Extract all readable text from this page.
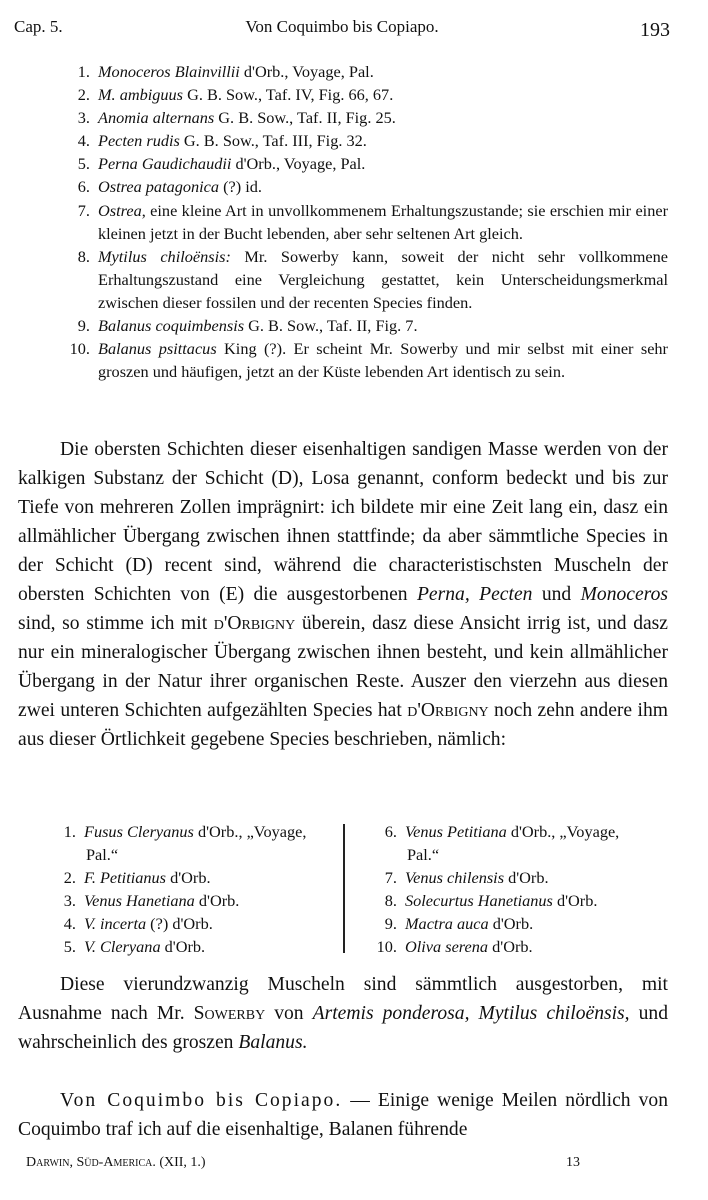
Cap. 5.	Von Coquimbo bis Copiapo.	193
1. Monoceros Blainvillii d'Orb., Voyage, Pal.
2. M. ambiguus G. B. Sow., Taf. IV, Fig. 66, 67.
3. Anomia alternans G. B. Sow., Taf. II, Fig. 25.
4. Pecten rudis G. B. Sow., Taf. III, Fig. 32.
5. Perna Gaudichaudii d'Orb., Voyage, Pal.
6. Ostrea patagonica (?) id.
7. Ostrea, eine kleine Art in unvollkommenem Erhaltungszustande; sie erschien mir einer kleinen jetzt in der Bucht lebenden, aber sehr seltenen Art gleich.
8. Mytilus chiloënsis: Mr. Sowerby kann, soweit der nicht sehr vollkommene Erhaltungszustand eine Vergleichung gestattet, kein Unterscheidungsmerkmal zwischen dieser fossilen und der recenten Species finden.
9. Balanus coquimbensis G. B. Sow., Taf. II, Fig. 7.
10. Balanus psittacus King (?). Er scheint Mr. Sowerby und mir selbst mit einer sehr groszen und häufigen, jetzt an der Küste lebenden Art identisch zu sein.

Die obersten Schichten dieser eisenhaltigen sandigen Masse werden von der kalkigen Substanz der Schicht (D), Losa genannt, conform bedeckt und bis zur Tiefe von mehreren Zollen imprägnirt: ich bildete mir eine Zeit lang ein, dasz ein allmählicher Übergang zwischen ihnen stattfinde; da aber sämmtliche Species in der Schicht (D) recent sind, während die characteristischsten Muscheln der obersten Schichten von (E) die ausgestorbenen Perna, Pecten und Monoceros sind, so stimme ich mit d'Orbigny überein, dasz diese Ansicht irrig ist, und dasz nur ein mineralogischer Übergang zwischen ihnen besteht, und kein allmählicher Übergang in der Natur ihrer organischen Reste. Auszer den vierzehn aus diesen zwei unteren Schichten aufgezählten Species hat d'Orbigny noch zehn andere ihm aus dieser Örtlichkeit gegebene Species beschrieben, nämlich:

1. Fusus Cleryanus d'Orb., „Voyage,
Pal.“
2. F. Petitianus d'Orb.
3. Venus Hanetiana d'Orb.
4. V. incerta (?) d'Orb.
5. V. Cleryana d'Orb.
6. Venus Petitiana d'Orb., „Voyage,
Pal.“
7. Venus chilensis d'Orb.
8. Solecurtus Hanetianus d'Orb.
9. Mactra auca d'Orb.
10. Oliva serena d'Orb.

Diese vierundzwanzig Muscheln sind sämmtlich ausgestorben, mit Ausnahme nach Mr. Sowerby von Artemis ponderosa, Mytilus chiloënsis, und wahrscheinlich des groszen Balanus.

Von Coquimbo bis Copiapo. — Einige wenige Meilen nördlich von Coquimbo traf ich auf die eisenhaltige, Balanen führende

Darwin, Süd-America. (XII, 1.)	13
